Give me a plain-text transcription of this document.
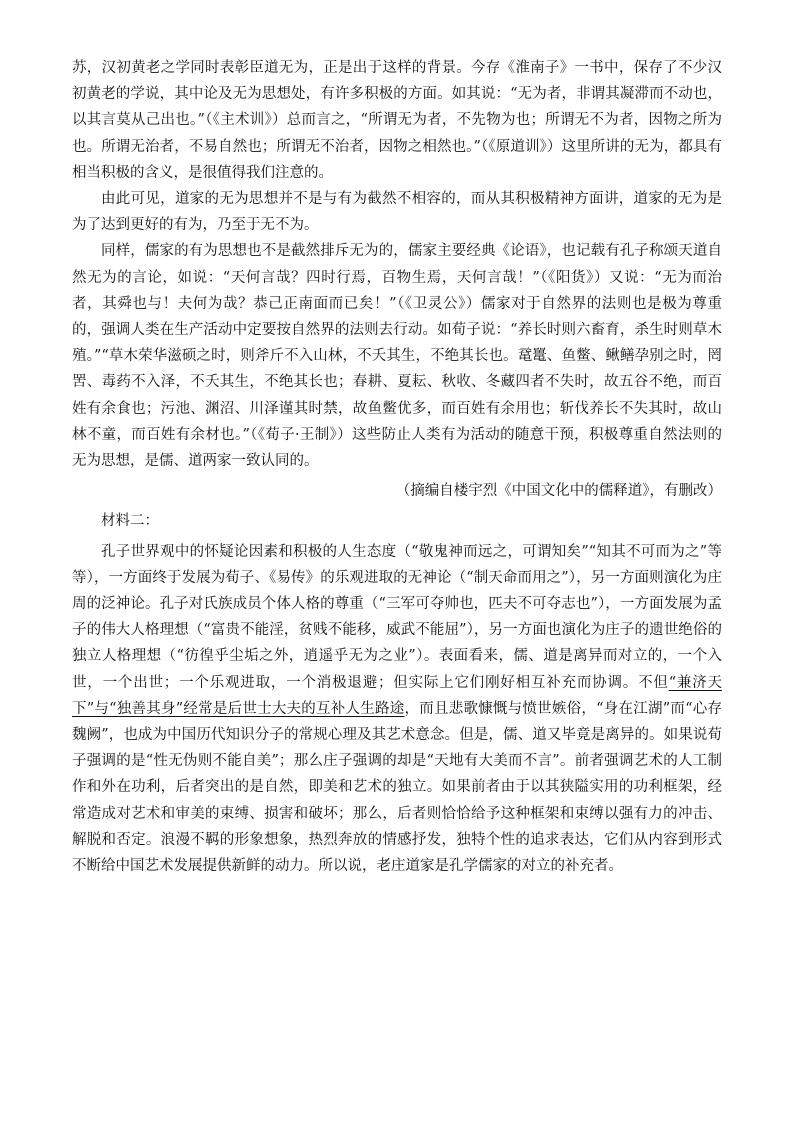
苏，汉初黄老之学同时表彰臣道无为，正是出于这样的背景。今存《淮南子》一书中，保存了不少汉初黄老的学说，其中论及无为思想处，有许多积极的方面。如其说：“无为者，非谓其凝滞而不动也，以其言莫从己出也。”（《主术训》）总而言之，“所谓无为者，不先物为也；所谓无不为者，因物之所为也。所谓无治者，不易自然也；所谓无不治者，因物之相然也。”（《原道训》）这里所讲的无为，都具有相当积极的含义，是很值得我们注意的。

由此可见，道家的无为思想并不是与有为截然不相容的，而从其积极精神方面讲，道家的无为是为了达到更好的有为，乃至于无不为。

同样，儒家的有为思想也不是截然排斥无为的，儒家主要经典《论语》，也记载有孔子称颂天道自然无为的言论，如说：“天何言哉？四时行焉，百物生焉，天何言哉！”（《阳货》）又说：“无为而治者，其舜也与！夫何为哉？恭己正南面而已矣！”（《卫灵公》）儒家对于自然界的法则也是极为尊重的，强调人类在生产活动中定要按自然界的法则去行动。如荀子说：“养长时则六畜育，杀生时则草木殖。”“草木荣华滋硕之时，则斧斤不入山林，不夭其生，不绝其长也。鼋鼍、鱼鳖、鳅鳝孕别之时，罔罟、毒药不入泽，不夭其生，不绝其长也；春耕、夏耘、秋收、冬藏四者不失时，故五谷不绝，而百姓有余食也；污池、渊沼、川泽谨其时禁，故鱼鳖优多，而百姓有余用也；斩伐养长不失其时，故山林不童，而百姓有余材也。”（《荀子·王制》）这些防止人类有为活动的随意干预，积极尊重自然法则的无为思想，是儒、道两家一致认同的。

（摘编自楼宇烈《中国文化中的儒释道》，有删改）

材料二：

孔子世界观中的怀疑论因素和积极的人生态度（“敬鬼神而远之，可谓知矣”“知其不可而为之”等等），一方面终于发展为荀子、《易传》的乐观进取的无神论（“制天命而用之”），另一方面则演化为庄周的泛神论。孔子对氏族成员个体人格的尊重（“三军可夺帅也，匹夫不可夺志也”），一方面发展为孟子的伟大人格理想（“富贵不能淫，贫贱不能移，威武不能屈”），另一方面也演化为庄子的遗世绝俗的独立人格理想（“彷徨乎尘垢之外，逍遥乎无为之业”）。表面看来，儒、道是离异而对立的，一个入世，一个出世；一个乐观进取，一个消极退避；但实际上它们刚好相互补充而协调。不但“兼济天下”与“独善其身”经常是后世士大夫的互补人生路途，而且悲歌慷慨与愤世嫉俗，“身在江湖”而“心存魏阙”，也成为中国历代知识分子的常规心理及其艺术意念。但是，儒、道又毕竟是离异的。如果说荀子强调的是“性无伪则不能自美”；那么庄子强调的却是“天地有大美而不言”。前者强调艺术的人工制作和外在功利，后者突出的是自然，即美和艺术的独立。如果前者由于以其狭隘实用的功利框架，经常造成对艺术和审美的束缚、损害和破坏；那么，后者则恰恰给予这种框架和束缚以强有力的冲击、解脱和否定。浪漫不羁的形象想象，热烈奔放的情感抒发，独特个性的追求表达，它们从内容到形式不断给中国艺术发展提供新鲜的动力。所以说，老庄道家是孔学儒家的对立的补充者。
